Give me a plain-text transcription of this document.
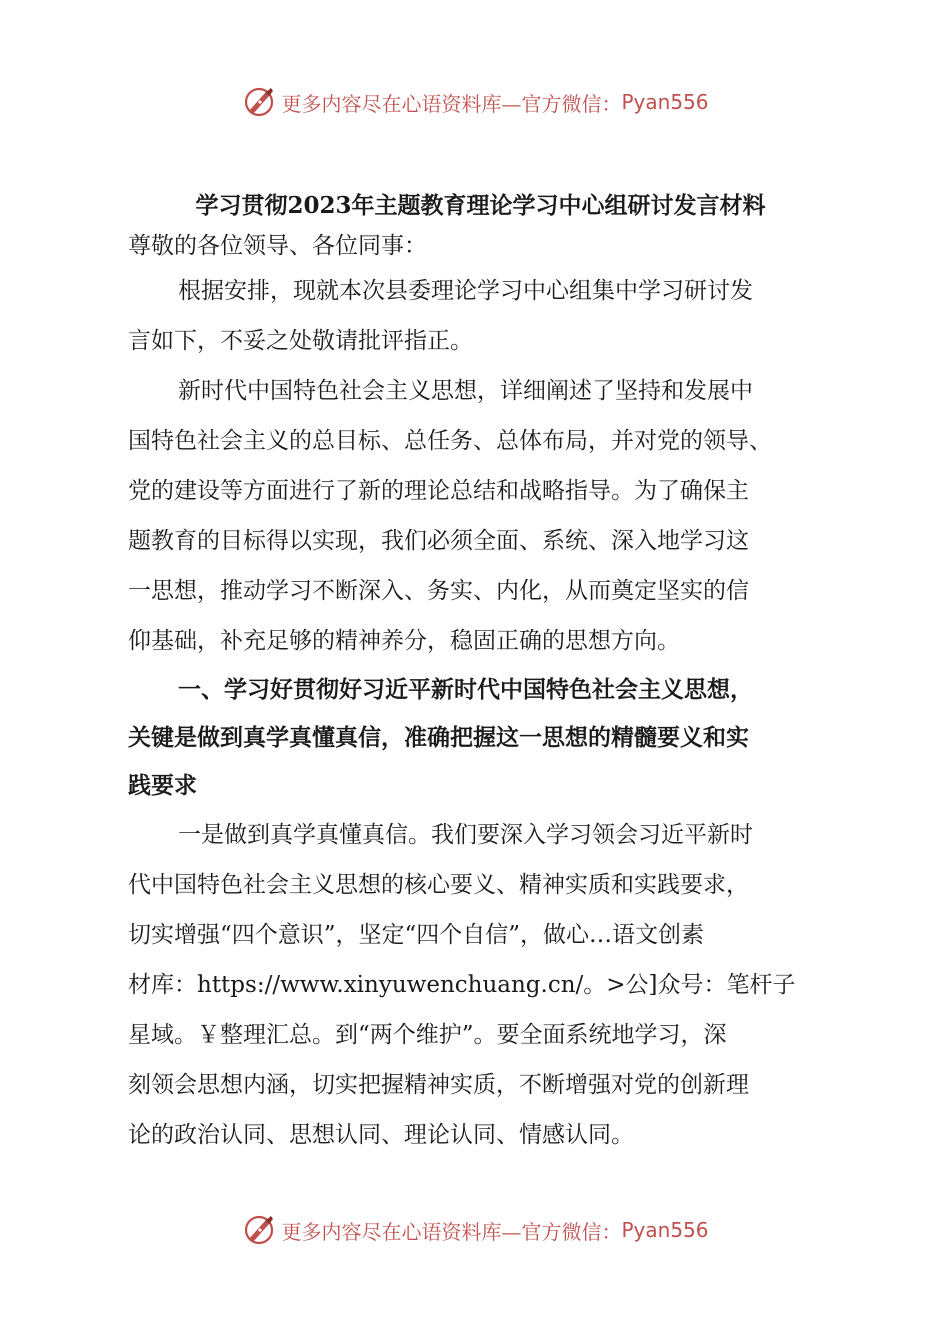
更多内容尽在心语资料库—官方微信： Pyan556

学习贯彻2023年主题教育理论学习中心组研讨发言材料

尊敬的各位领导、各位同事：

根据安排，现就本次县委理论学习中心组集中学习研讨发

言如下，不妥之处敬请批评指正。

新时代中国特色社会主义思想，详细阐述了坚持和发展中

国特色社会主义的总目标、总任务、总体布局，并对党的领导、

党的建设等方面进行了新的理论总结和战略指导。为了确保主

题教育的目标得以实现，我们必须全面、系统、深入地学习这

一思想，推动学习不断深入、务实、内化，从而奠定坚实的信

仰基础，补充足够的精神养分，稳固正确的思想方向。

一、学习好贯彻好习近平新时代中国特色社会主义思想，

关键是做到真学真懂真信，准确把握这一思想的精髓要义和实

践要求

一是做到真学真懂真信。我们要深入学习领会习近平新时

代中国特色社会主义思想的核心要义、精神实质和实践要求，

切实增强“四个意识”，坚定“四个自信”，做心…语文创素

材库：https://www.xinyuwenchuang.cn/。>公]众号：笔杆子

星域。￥整理汇总。到“两个维护”。要全面系统地学习，深

刻领会思想内涵，切实把握精神实质，不断增强对党的创新理

论的政治认同、思想认同、理论认同、情感认同。

更多内容尽在心语资料库—官方微信： Pyan556
